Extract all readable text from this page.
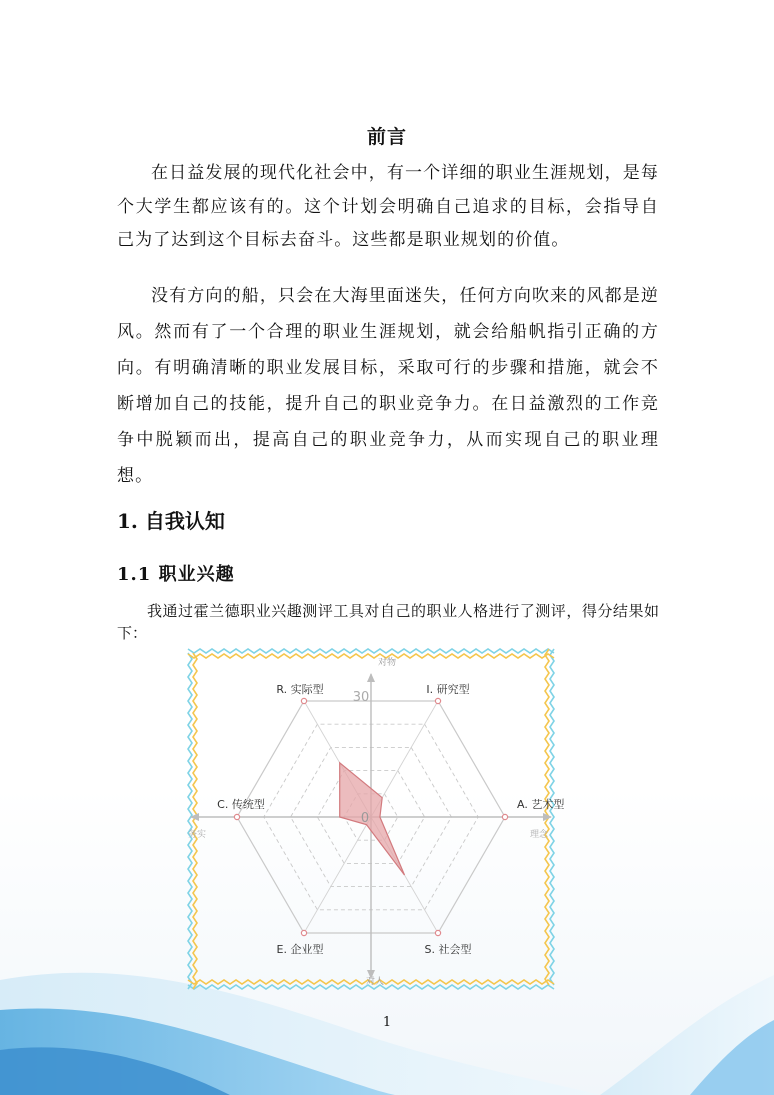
前言

在日益发展的现代化社会中，有一个详细的职业生涯规划，是每个大学生都应该有的。这个计划会明确自己追求的目标，会指导自己为了达到这个目标去奋斗。这些都是职业规划的价值。

没有方向的船，只会在大海里面迷失，任何方向吹来的风都是逆风。然而有了一个合理的职业生涯规划，就会给船帆指引正确的方向。有明确清晰的职业发展目标，采取可行的步骤和措施，就会不断增加自己的技能，提升自己的职业竞争力。在日益激烈的工作竞争中脱颖而出，提高自己的职业竞争力，从而实现自己的职业理想。

1. 自我认知
1.1 职业兴趣

我通过霍兰德职业兴趣测评工具对自己的职业人格进行了测评，得分结果如下：

I. 研究型
A. 艺术型
S. 社会型
E. 企业型
C. 传统型
R. 实际型
对物
对人
务实	理念
30
0
1
